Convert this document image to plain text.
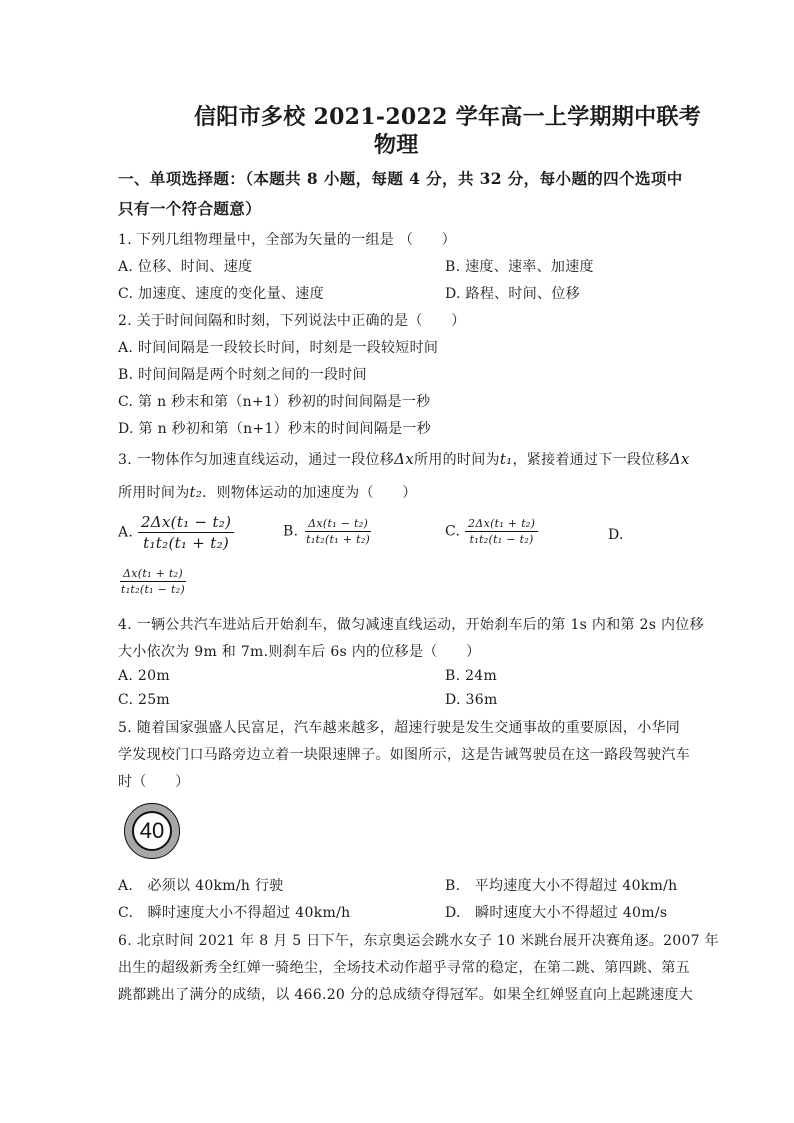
信阳市多校 2021-2022 学年高一上学期期中联考
物理
一、单项选择题：（本题共 8 小题，每题 4 分，共 32 分，每小题的四个选项中
只有一个符合题意）
1. 下列几组物理量中，全部为矢量的一组是 （　　）
A. 位移、时间、速度	B. 速度、速率、加速度
C. 加速度、速度的变化量、速度	D. 路程、时间、位移
2. 关于时间间隔和时刻，下列说法中正确的是（　　）
A. 时间间隔是一段较长时间，时刻是一段较短时间
B. 时间间隔是两个时刻之间的一段时间
C. 第 n 秒末和第（n+1）秒初的时间间隔是一秒
D. 第 n 秒初和第（n+1）秒末的时间间隔是一秒
3. 一物体作匀加速直线运动，通过一段位移Δx所用的时间为t₁，紧接着通过下一段位移Δx
所用时间为t₂．则物体运动的加速度为（　　）
A. $\frac{\text{2Δx(t₁ − t₂)}}{\text{t₁t₂(t₁ + t₂)}}$	B. $\frac{\text{Δx(t₁ − t₂)}}{\text{t₁t₂(t₁ + t₂)}}$	C. $\frac{\text{2Δx(t₁ + t₂)}}{\text{t₁t₂(t₁ − t₂)}}$	D.
$\frac{\text{Δx(t₁ + t₂)}}{\text{t₁t₂(t₁ − t₂)}}$
4. 一辆公共汽车进站后开始刹车，做匀减速直线运动，开始刹车后的第 1s 内和第 2s 内位移
大小依次为 9m 和 7m.则刹车后 6s 内的位移是（　　）
A. 20m	B. 24m
C. 25m	D. 36m
5. 随着国家强盛人民富足，汽车越来越多，超速行驶是发生交通事故的重要原因，小华同
学发现校门口马路旁边立着一块限速牌子。如图所示，这是告诫驾驶员在这一路段驾驶汽车
时（　　）
40
A.　必须以 40km/h 行驶	B.　平均速度大小不得超过 40km/h
C.　瞬时速度大小不得超过 40km/h	D.　瞬时速度大小不得超过 40m/s
6. 北京时间 2021 年 8 月 5 日下午，东京奥运会跳水女子 10 米跳台展开决赛角逐。2007 年
出生的超级新秀全红婵一骑绝尘，全场技术动作超乎寻常的稳定，在第二跳、第四跳、第五
跳都跳出了满分的成绩，以 466.20 分的总成绩夺得冠军。如果全红婵竖直向上起跳速度大
